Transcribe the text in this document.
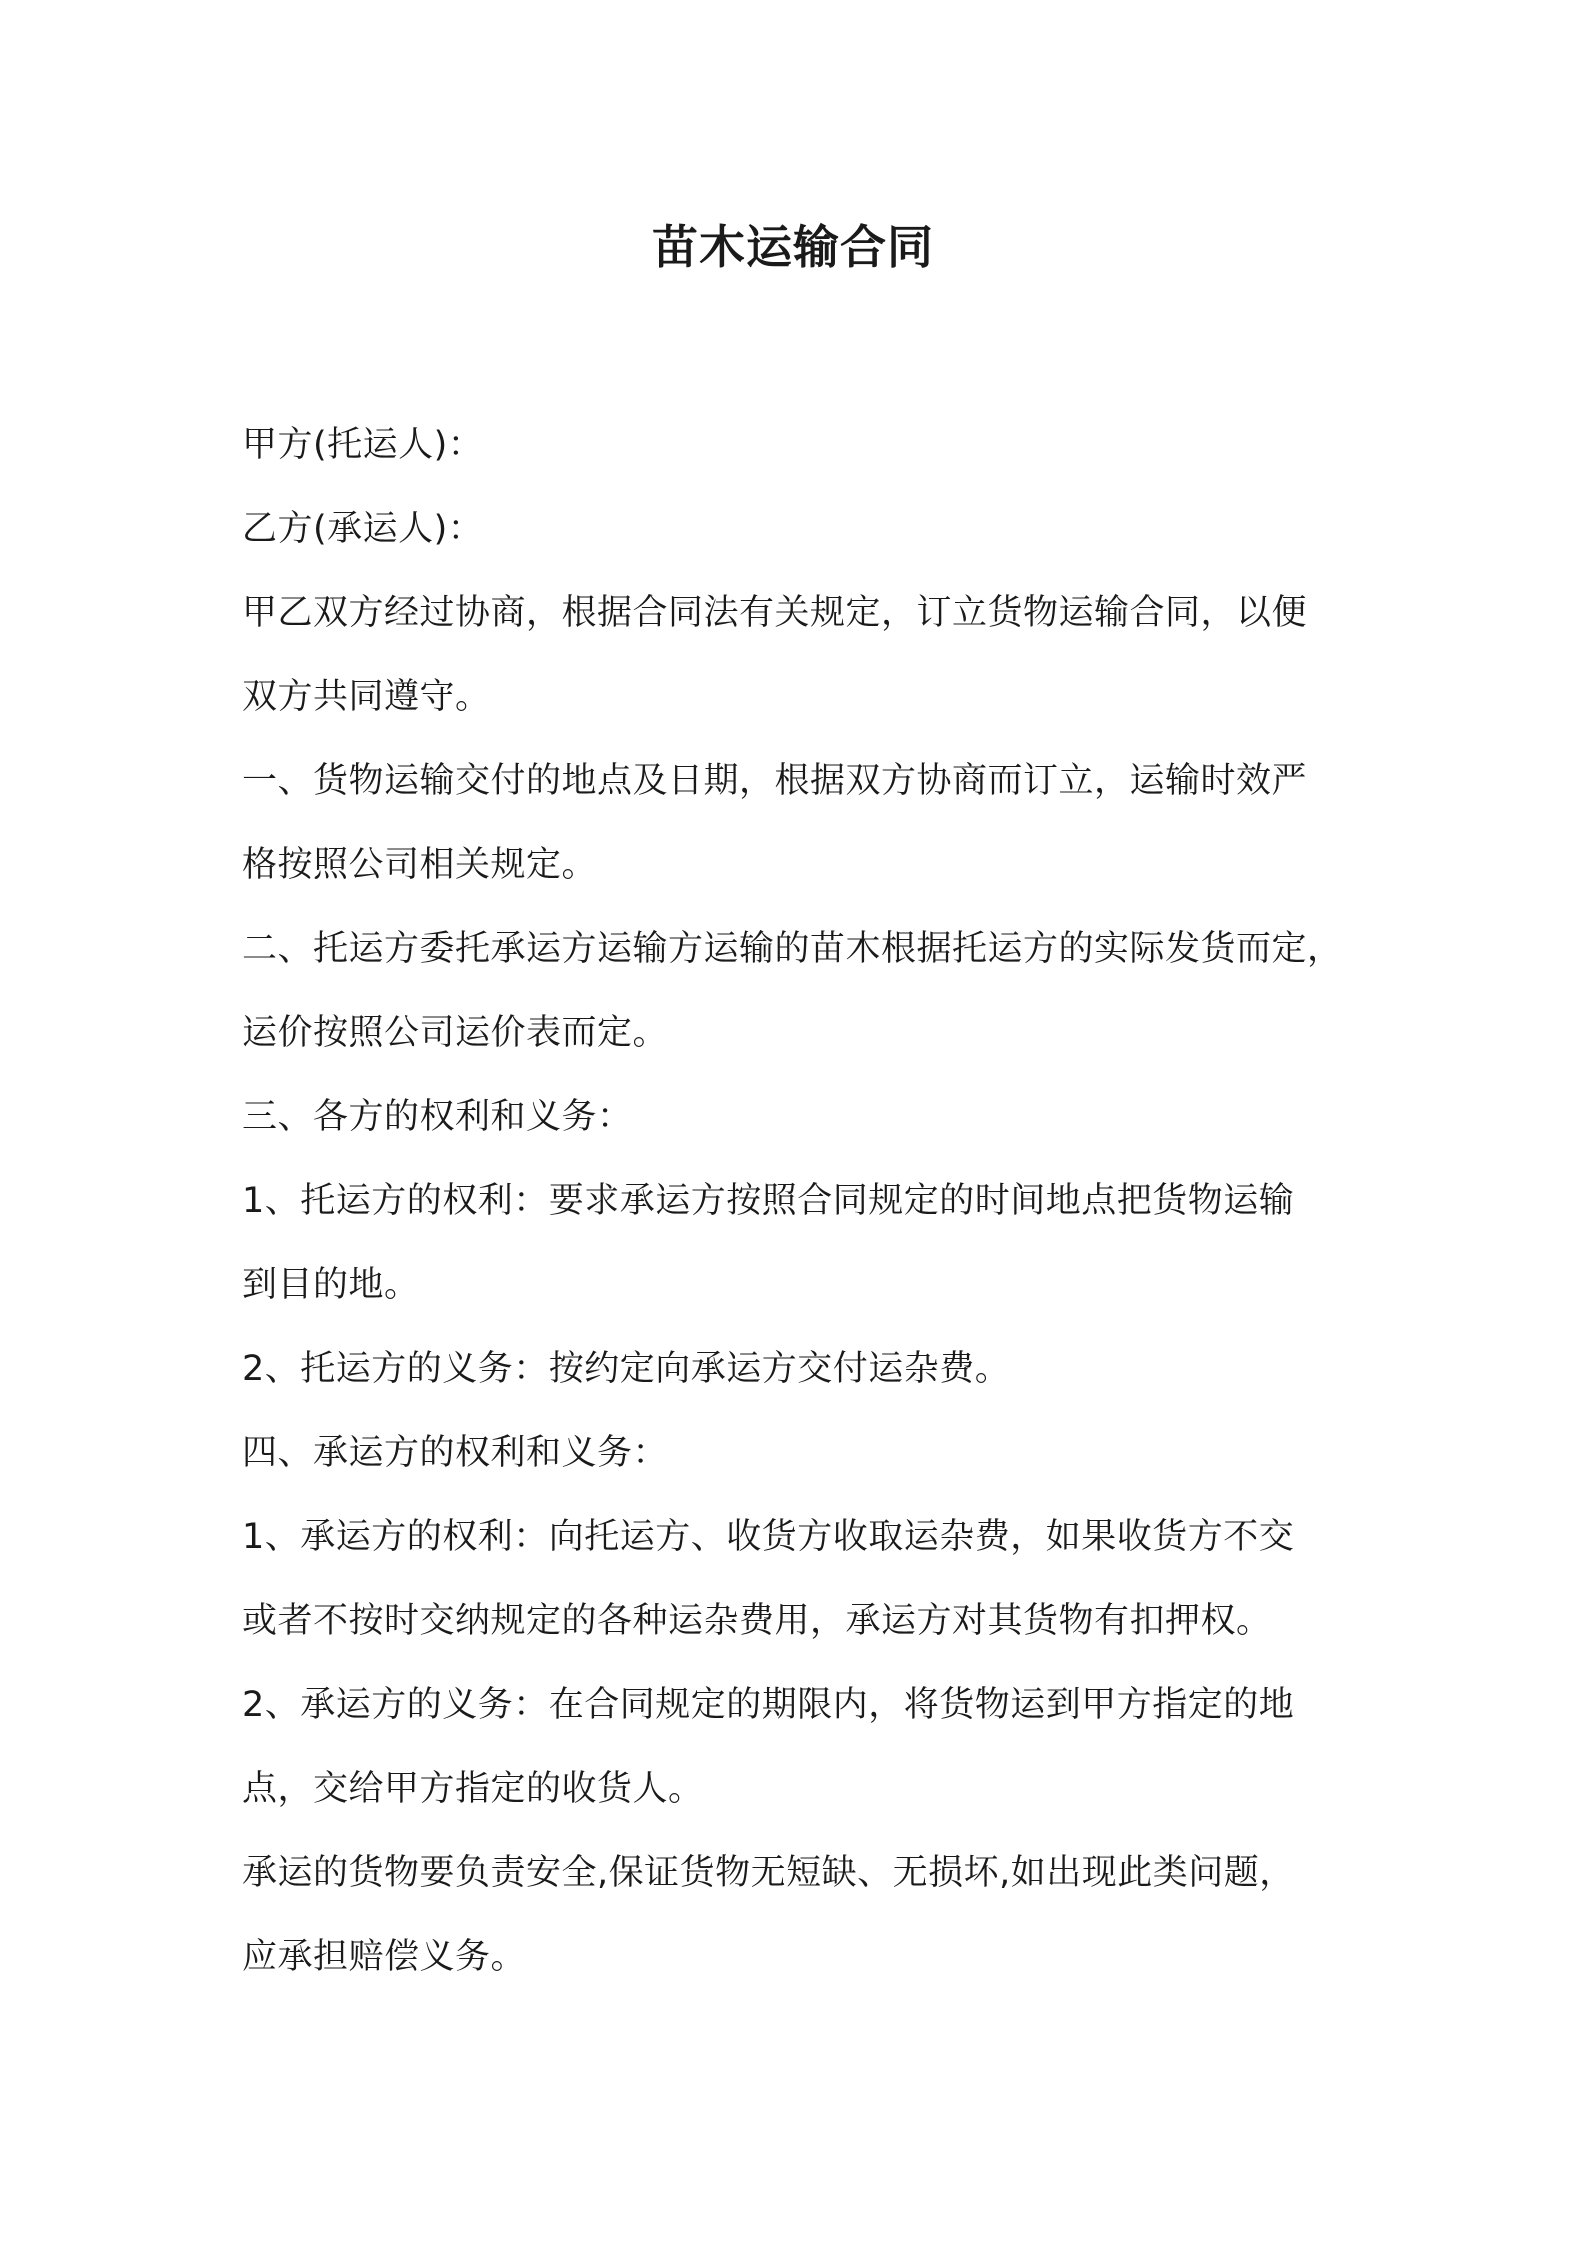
苗木运输合同
甲方(托运人)：
乙方(承运人)：
甲乙双方经过协商，根据合同法有关规定，订立货物运输合同，以便
双方共同遵守。
一、货物运输交付的地点及日期，根据双方协商而订立，运输时效严
格按照公司相关规定。
二、托运方委托承运方运输方运输的苗木根据托运方的实际发货而定，
运价按照公司运价表而定。
三、各方的权利和义务：
1、托运方的权利：要求承运方按照合同规定的时间地点把货物运输
到目的地。
2、托运方的义务：按约定向承运方交付运杂费。
四、承运方的权利和义务：
1、承运方的权利：向托运方、收货方收取运杂费，如果收货方不交
或者不按时交纳规定的各种运杂费用，承运方对其货物有扣押权。
2、承运方的义务：在合同规定的期限内，将货物运到甲方指定的地
点，交给甲方指定的收货人。
承运的货物要负责安全,保证货物无短缺、无损坏,如出现此类问题，
应承担赔偿义务。
